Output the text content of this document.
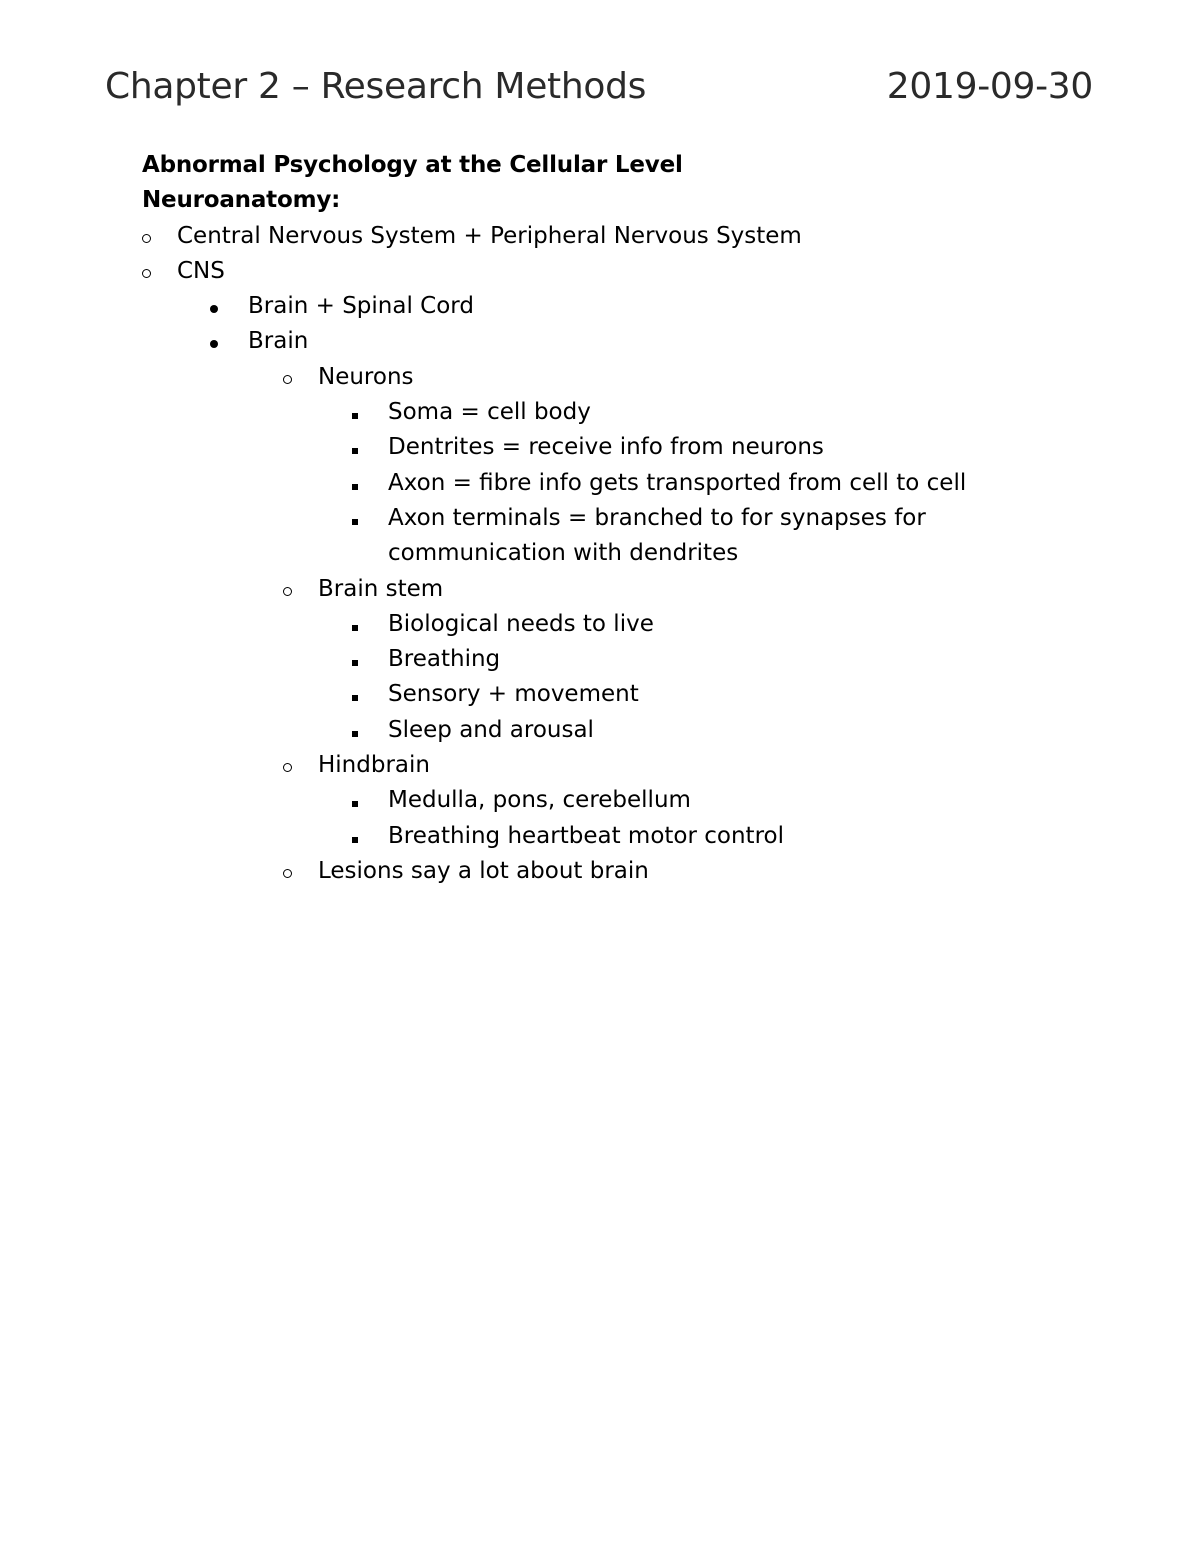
Chapter 2 – Research Methods	2019-09-30
Abnormal Psychology at the Cellular Level
Neuroanatomy:
Central Nervous System + Peripheral Nervous System
CNS
Brain + Spinal Cord
Brain
Neurons
Soma = cell body
Dentrites = receive info from neurons
Axon = fibre info gets transported from cell to cell
Axon terminals = branched to for synapses for
communication with dendrites
Brain stem
Biological needs to live
Breathing
Sensory + movement
Sleep and arousal
Hindbrain
Medulla, pons, cerebellum
Breathing heartbeat motor control
Lesions say a lot about brain
